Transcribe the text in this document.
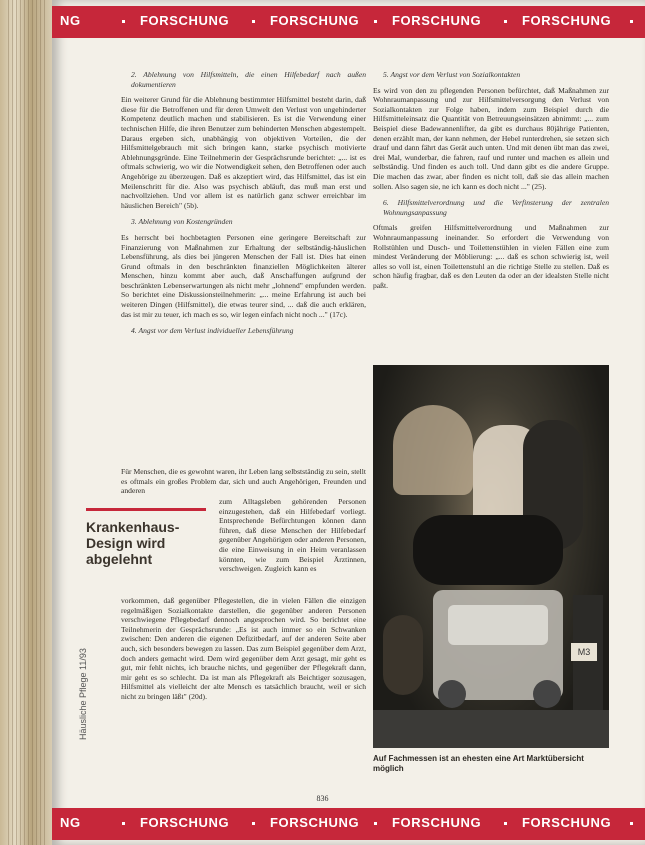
NG	FORSCHUNG	FORSCHUNG	FORSCHUNG	FORSCHUNG

2. Ablehnung von Hilfsmitteln, die einen Hilfebedarf nach außen dokumentieren

Ein weiterer Grund für die Ablehnung bestimmter Hilfsmittel besteht darin, daß diese für die Betroffenen und für deren Umwelt den Verlust von ungehinderter Kompetenz deutlich machen und stabilisieren. Es ist die Verwendung einer technischen Hilfe, die ihren Benutzer zum behinderten Menschen abgestempelt. Daraus ergeben sich, unabhängig von objektiven Vorteilen, die der Hilfsmittelgebrauch mit sich bringen kann, starke psychisch motivierte Ablehnungsgründe. Eine Teilnehmerin der Gesprächsrunde berichtet: „... ist es oftmals schwierig, wo wir die Notwendigkeit sehen, den Betroffenen oder auch Angehörige zu überzeugen. Daß es akzeptiert wird, das Hilfsmittel, das ist ein Meilenschritt für die. Also was psychisch abläuft, das muß man erst und nachvollziehen. Und vor allem ist es natürlich ganz schwer erreichbar im häuslichen Bereich" (5b).

3. Ablehnung von Kostengründen

Es herrscht bei hochbetagten Personen eine geringere Bereitschaft zur Finanzierung von Maßnahmen zur Erhaltung der selbständig-häuslichen Lebensführung, als dies bei jüngeren Menschen der Fall ist. Dies hat einen Grund oftmals in den beschränkten finanziellen Möglichkeiten älterer Menschen, hinzu kommt aber auch, daß Anschaffungen aufgrund der beschränkten Lebenserwartungen als nicht mehr „lohnend" empfunden werden. So berichtet eine Diskussionsteilnehmerin: „... meine Erfahrung ist auch bei weiteren Dingen (Hilfsmittel), die etwas teurer sind, ... daß die auch erklären, das ist mir zu teuer, ich mach es so, wir legen einfach nicht noch ..." (17c).

4. Angst vor dem Verlust individueller Lebensführung

Für Menschen, die es gewohnt waren, ihr Leben lang selbstständig zu sein, stellt es oftmals ein großes Problem dar, sich und auch Angehörigen, Freunden und anderen
Krankenhaus-Design wird abgelehnt
zum Alltagsleben gehörenden Personen einzugestehen, daß ein Hilfebedarf vorliegt. Entsprechende Befürchtungen können dann führen, daß diese Menschen der Hilfebedarf gegenüber Angehörigen oder anderen Personen, die eine Einweisung in ein Heim veranlassen könnten, wie zum Beispiel Ärztinnen, verschweigen. Zugleich kann es
vorkommen, daß gegenüber Pflegestellen, die in vielen Fällen die einzigen regelmäßigen Sozialkontakte darstellen, die gegenüber anderen Personen verschwiegene Pflegebedarf dennoch angesprochen wird. So berichtet eine Teilnehmerin der Gesprächsrunde: „Es ist auch immer so ein Schwanken zwischen: Den anderen die eigenen Defizitbedarf, auf der anderen Seite aber auch, sich besonders bewegen zu lassen. Das zum Beispiel gegenüber dem Arzt, doch anders gemacht wird. Dem wird gegenüber dem Arzt gesagt, mir geht es gut, mir fehlt nichts, ich brauche nichts, und gegenüber der Pflegekraft dann, mir geht es so schlecht. Da ist man als Pflegekraft als Beichtiger sozusagen, Hilfsmittel als vielleicht der alte Mensch es tatsächlich braucht, weil er sich nicht zu bringen läßt" (20d).
Häusliche Pflege 11/93

5. Angst vor dem Verlust von Sozialkontakten

Es wird von den zu pflegenden Personen befürchtet, daß Maßnahmen zur Wohnraumanpassung und zur Hilfsmittelversorgung den Verlust von Sozialkontakten zur Folge haben, indem zum Beispiel durch die Hilfsmitteleinsatz die Quantität von Betreuungseinsätzen abnimmt: „... zum Beispiel diese Badewannenlifter, da gibt es durchaus 80jährige Patienten, denen erzählt man, der kann nehmen, der Hebel runterdrehen, sie setzen sich drauf und dann fährt das Gerät auch unten. Und mit denen übt man das zwei, drei Mal, wunderbar, die fahren, rauf und runter und machen es allein und selbständig. Und finden es auch toll. Und dann gibt es die andere Gruppe. Die machen das zwar, aber finden es nicht toll, daß sie das allein machen sollen. Also sagen sie, ne ich kann es doch nicht ..." (25).

6. Hilfsmittelverordnung und die Verfinsterung der zentralen Wohnungsanpassung

Oftmals greifen Hilfsmittelverordnung und Maßnahmen zur Wohnraumanpassung ineinander. So erfordert die Verwendung von Rollstühlen und Dusch- und Toilettenstühlen in vielen Fällen eine zum mindest Veränderung der Möblierung: „... daß es schon schwierig ist, weil alles so voll ist, einen Toilettenstuhl an die richtige Stelle zu stellen. Daß es schon häufig fragbar, daß es den Leuten da oder an der idealsten Stelle nicht paßt.

M3
Auf Fachmessen ist an ehesten eine Art Marktübersicht möglich
836
NG	FORSCHUNG	FORSCHUNG	FORSCHUNG	FORSCHUNG
